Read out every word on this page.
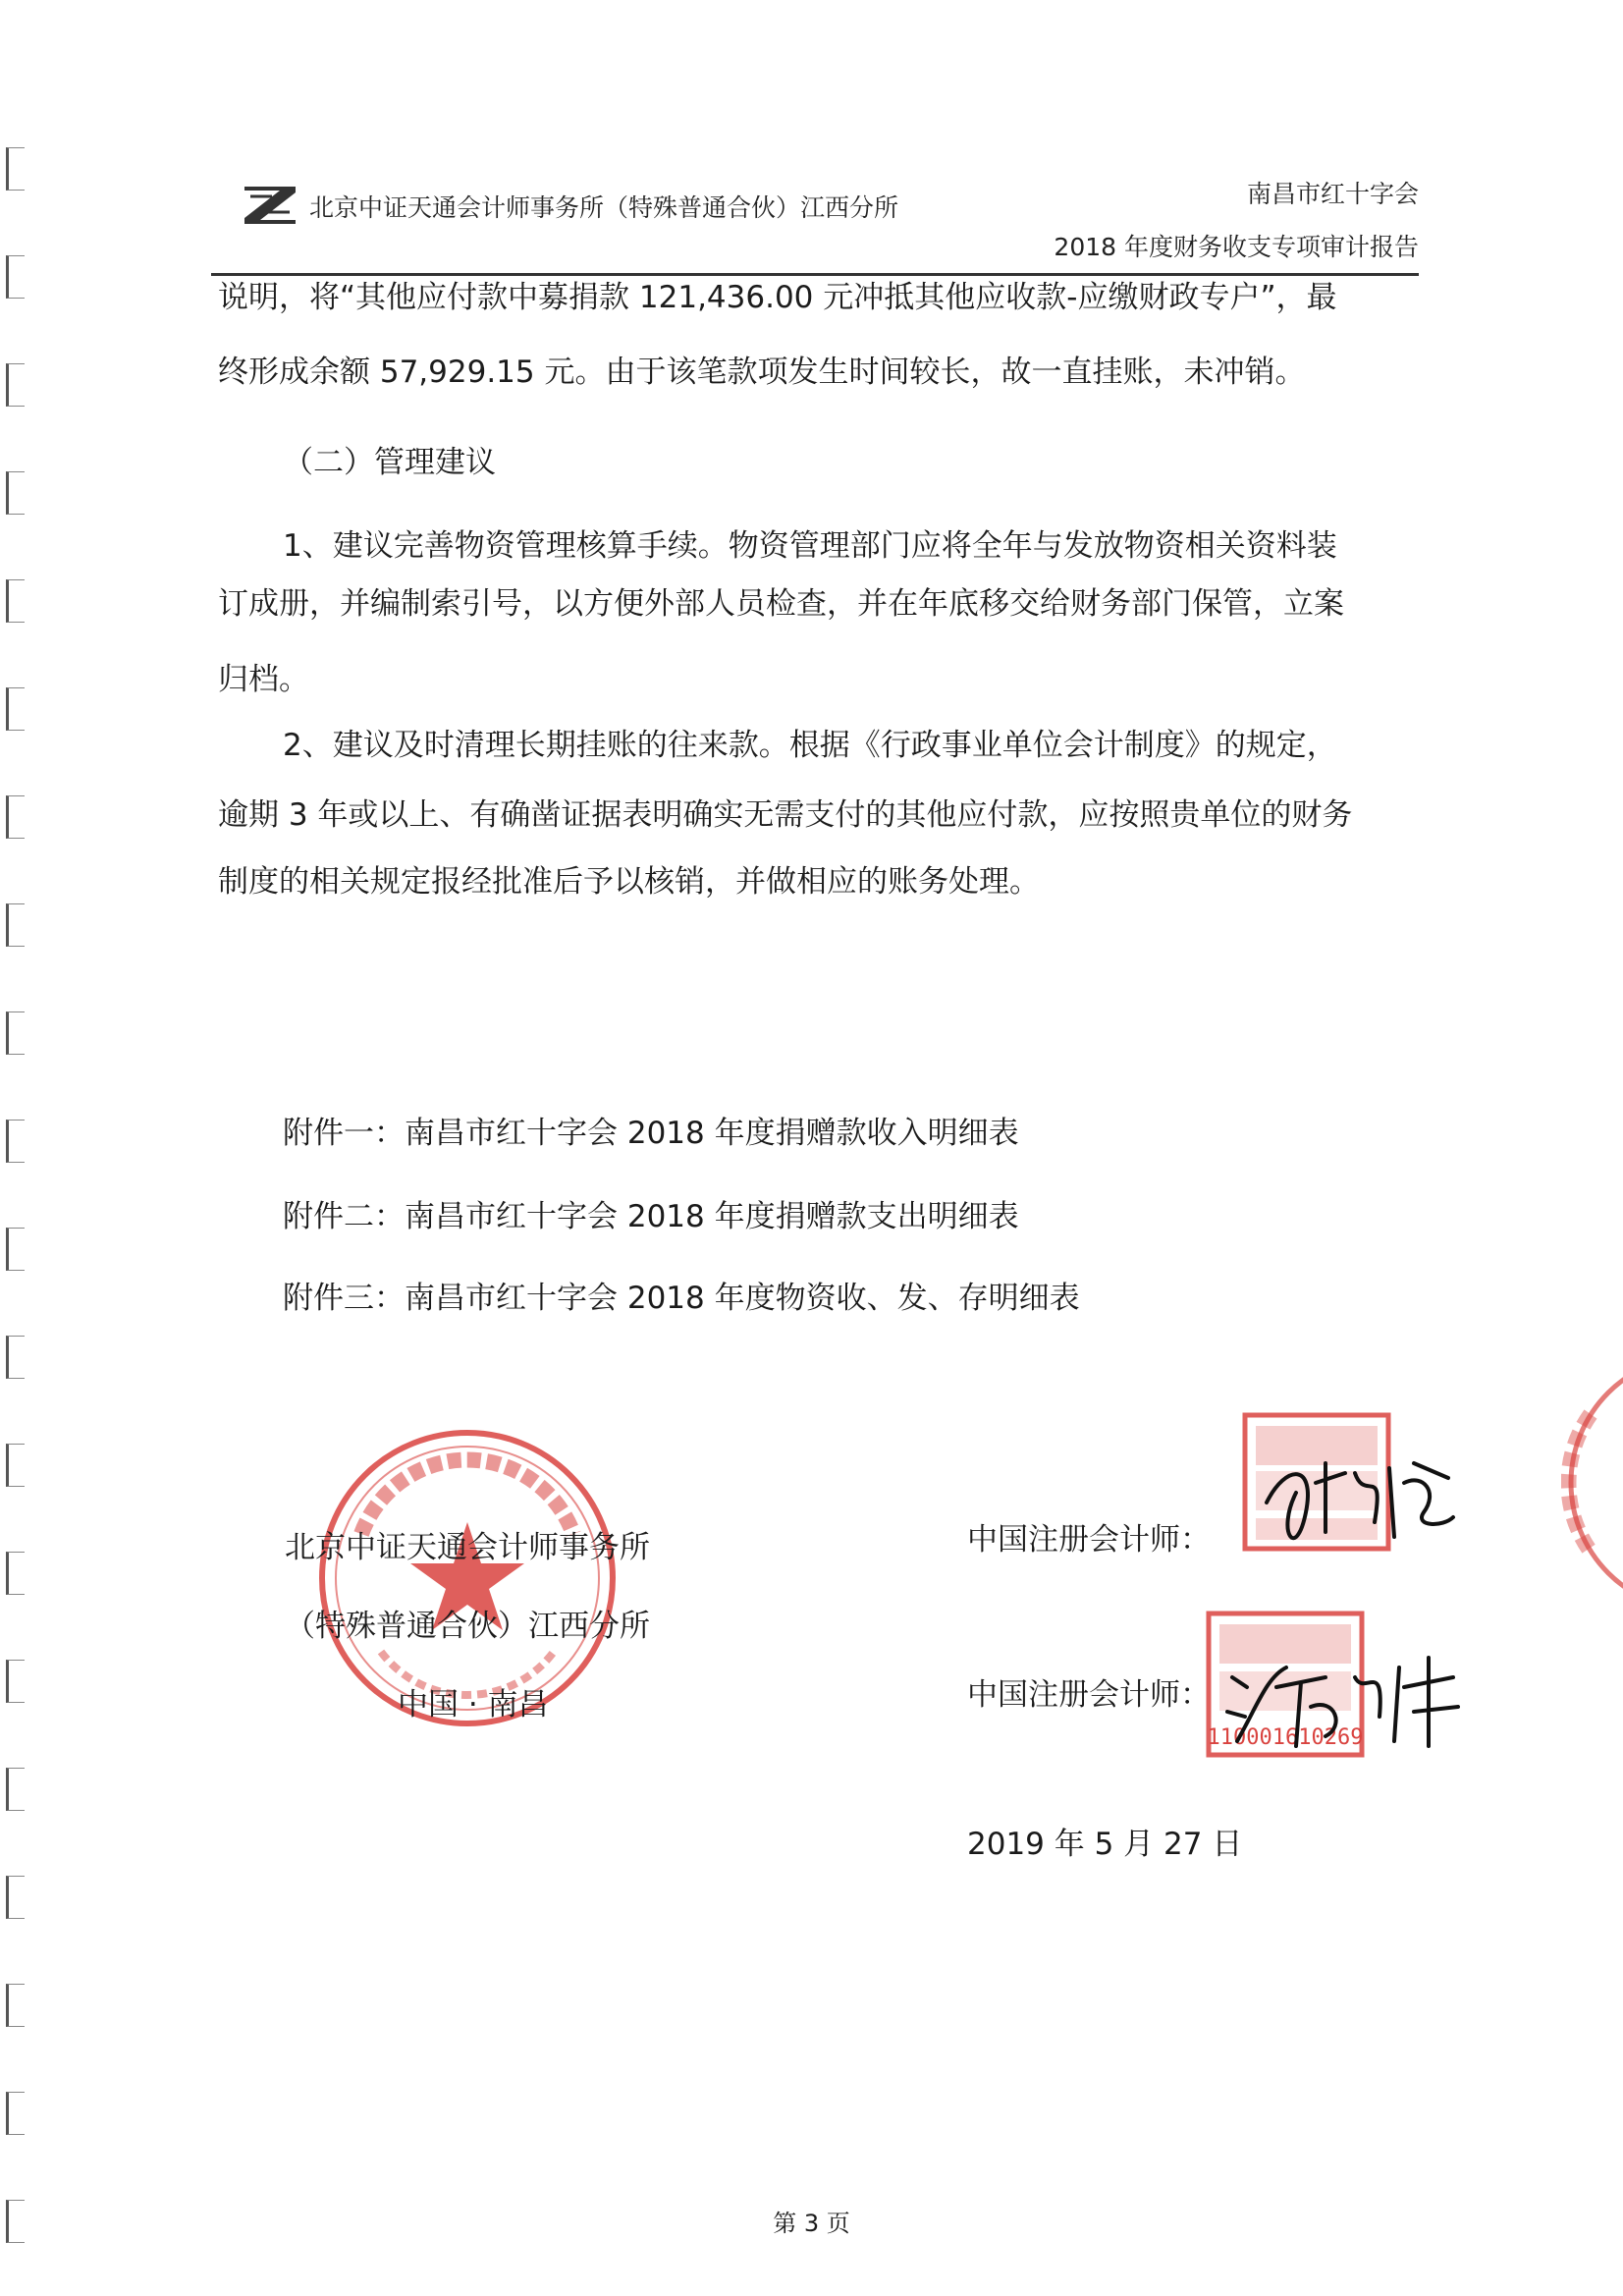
北京中证天通会计师事务所（特殊普通合伙）江西分所	南昌市红十字会
2018 年度财务收支专项审计报告
说明，将“其他应付款中募捐款 121,436.00 元冲抵其他应收款-应缴财政专户”，最
终形成余额 57,929.15 元。由于该笔款项发生时间较长，故一直挂账，未冲销。
（二）管理建议
1、建议完善物资管理核算手续。物资管理部门应将全年与发放物资相关资料装
订成册，并编制索引号，以方便外部人员检查，并在年底移交给财务部门保管，立案
归档。
2、建议及时清理长期挂账的往来款。根据《行政事业单位会计制度》的规定，
逾期 3 年或以上、有确凿证据表明确实无需支付的其他应付款，应按照贵单位的财务
制度的相关规定报经批准后予以核销，并做相应的账务处理。
附件一：南昌市红十字会 2018 年度捐赠款收入明细表
附件二：南昌市红十字会 2018 年度捐赠款支出明细表
附件三：南昌市红十字会 2018 年度物资收、发、存明细表
北京中证天通会计师事务所
（特殊普通合伙）江西分所
中国 · 南昌
中国注册会计师：
中国注册会计师：
110001610269
2019 年 5 月 27 日
第 3 页
